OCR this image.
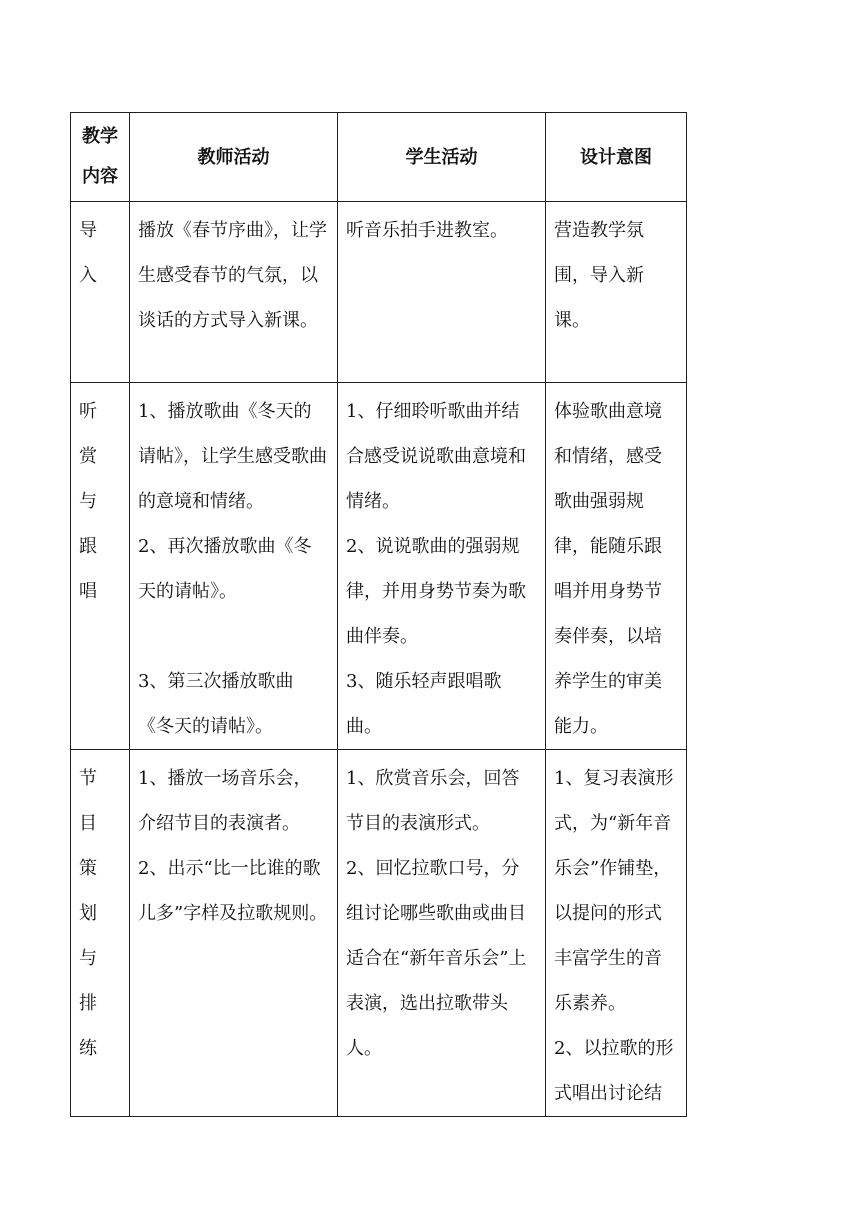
教学内容	教师活动	学生活动	设计意图
导入	播放《春节序曲》，让学生感受春节的气氛，以谈话的方式导入新课。	听音乐拍手进教室。	营造教学氛围，导入新课。

听赏与跟唱	1、播放歌曲《冬天的请帖》，让学生感受歌曲的意境和情绪。
2、再次播放歌曲《冬天的请帖》。
3、第三次播放歌曲《冬天的请帖》。	1、仔细聆听歌曲并结合感受说说歌曲意境和情绪。
2、说说歌曲的强弱规律，并用身势节奏为歌曲伴奏。
3、随乐轻声跟唱歌曲。	体验歌曲意境和情绪，感受歌曲强弱规律，能随乐跟唱并用身势节奏伴奏，以培养学生的审美能力。

节目策划与排练	1、播放一场音乐会，介绍节目的表演者。
2、出示“比一比谁的歌儿多”字样及拉歌规则。	1、欣赏音乐会，回答节目的表演形式。
2、回忆拉歌口号，分组讨论哪些歌曲或曲目适合在“新年音乐会”上表演，选出拉歌带头人。	1、复习表演形式，为“新年音乐会”作铺垫，以提问的形式丰富学生的音乐素养。
2、以拉歌的形式唱出讨论结
